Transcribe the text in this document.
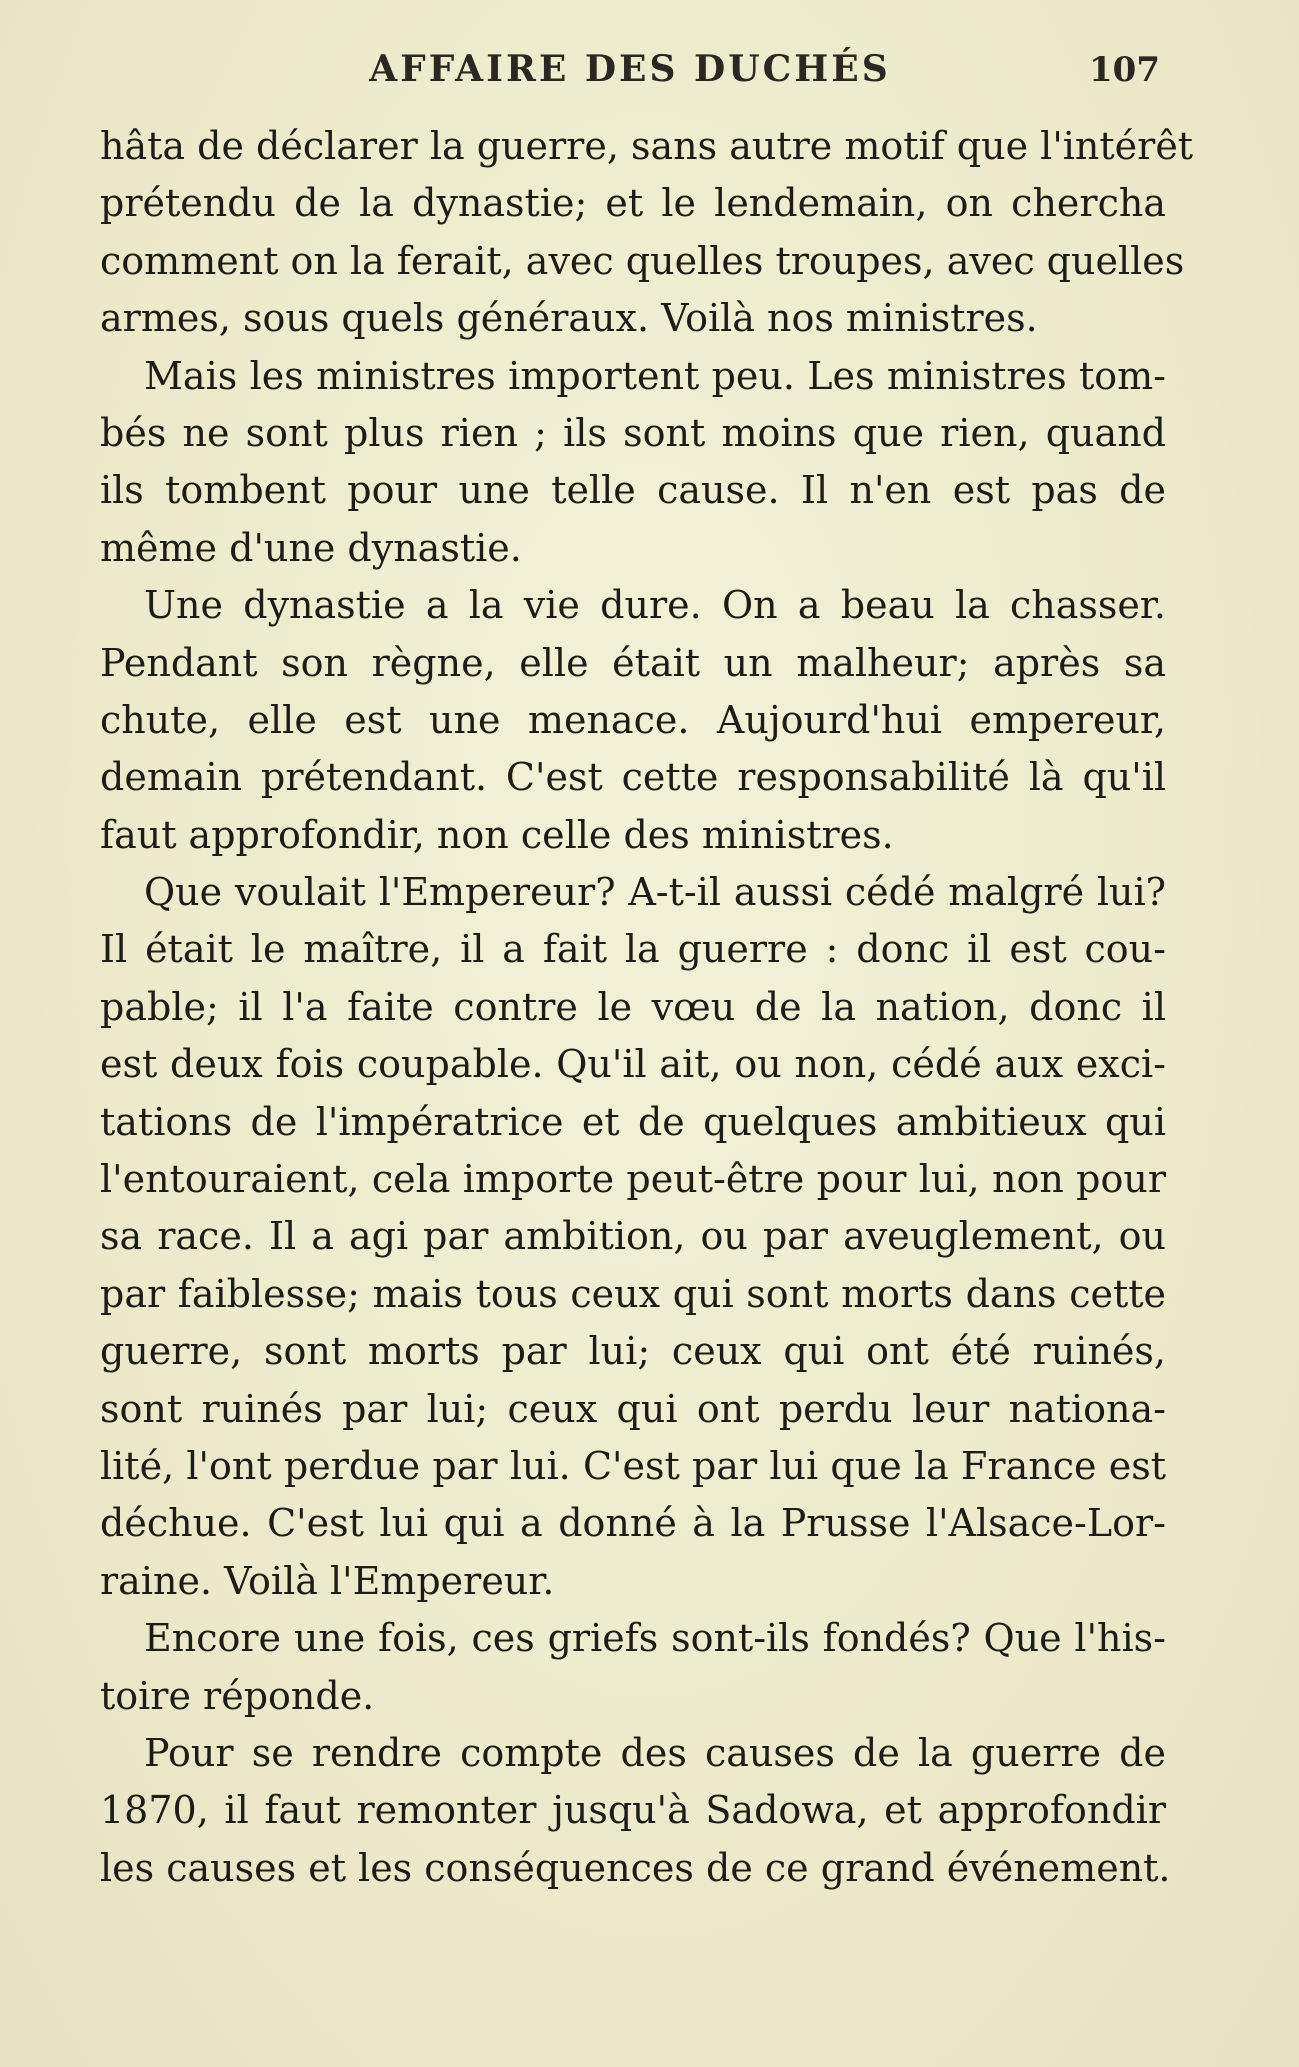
AFFAIRE DES DUCHÉS	107
hâta de déclarer la guerre, sans autre motif que l'intérêt
prétendu de la dynastie; et le lendemain, on chercha
comment on la ferait, avec quelles troupes, avec quelles
armes, sous quels généraux. Voilà nos ministres.
Mais les ministres importent peu. Les ministres tom-
bés ne sont plus rien ; ils sont moins que rien, quand
ils tombent pour une telle cause. Il n'en est pas de
même d'une dynastie.
Une dynastie a la vie dure. On a beau la chasser.
Pendant son règne, elle était un malheur; après sa
chute, elle est une menace. Aujourd'hui empereur,
demain prétendant. C'est cette responsabilité là qu'il
faut approfondir, non celle des ministres.
Que voulait l'Empereur? A-t-il aussi cédé malgré lui?
Il était le maître, il a fait la guerre : donc il est cou-
pable; il l'a faite contre le vœu de la nation, donc il
est deux fois coupable. Qu'il ait, ou non, cédé aux exci-
tations de l'impératrice et de quelques ambitieux qui
l'entouraient, cela importe peut-être pour lui, non pour
sa race. Il a agi par ambition, ou par aveuglement, ou
par faiblesse; mais tous ceux qui sont morts dans cette
guerre, sont morts par lui; ceux qui ont été ruinés,
sont ruinés par lui; ceux qui ont perdu leur nationa-
lité, l'ont perdue par lui. C'est par lui que la France est
déchue. C'est lui qui a donné à la Prusse l'Alsace-Lor-
raine. Voilà l'Empereur.
Encore une fois, ces griefs sont-ils fondés? Que l'his-
toire réponde.
Pour se rendre compte des causes de la guerre de
1870, il faut remonter jusqu'à Sadowa, et approfondir
les causes et les conséquences de ce grand événement.
